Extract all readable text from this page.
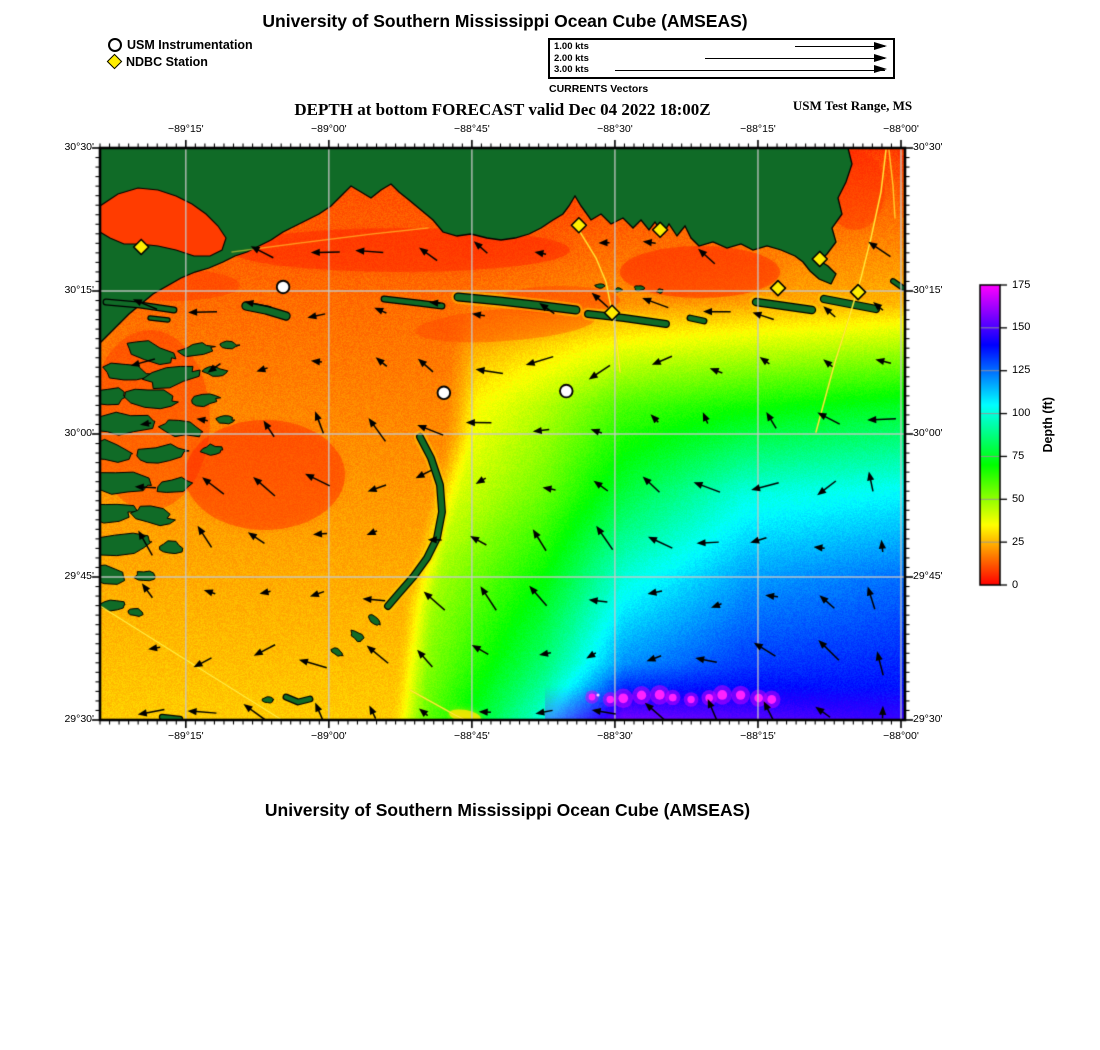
University of Southern Mississippi Ocean Cube (AMSEAS)
USM Instrumentation
NDBC Station
1.00 kts
2.00 kts
3.00 kts
CURRENTS Vectors
DEPTH at bottom FORECAST valid Dec 04 2022 18:00Z	USM Test Range, MS
−89°15'	−89°00'	−88°45'	−88°30'	−88°15'	−88°00'
−89°15'	−89°00'	−88°45'	−88°30'	−88°15'	−88°00'
30°30'
30°15'
30°00'
29°45'
29°30'
30°30'
30°15'
30°00'
29°45'
29°30'
0
25
50
75
100
125
150
175
Depth (ft)
University of Southern Mississippi Ocean Cube (AMSEAS)
